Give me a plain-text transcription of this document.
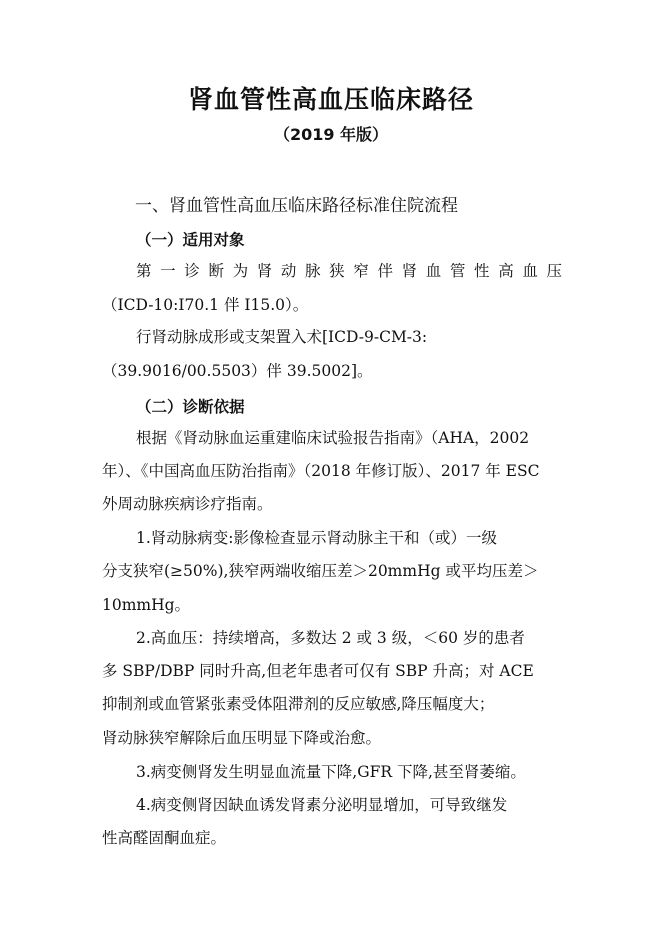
肾血管性高血压临床路径
（2019 年版）
一、肾血管性高血压临床路径标准住院流程
（一）适用对象
第 一 诊 断 为 肾 动 脉 狭 窄 伴 肾 血 管 性 高 血 压
（ICD-10:I70.1 伴 I15.0）。
行肾动脉成形或支架置入术[ICD-9-CM-3:
（39.9016/00.5503）伴 39.5002]。
（二）诊断依据
根据《肾动脉血运重建临床试验报告指南》（AHA，2002
年）、《中国高血压防治指南》（2018 年修订版）、2017 年 ESC
外周动脉疾病诊疗指南。
1.肾动脉病变:影像检查显示肾动脉主干和（或）一级
分支狭窄(≥50%),狭窄两端收缩压差＞20mmHg 或平均压差＞
10mmHg。
2.高血压：持续增高，多数达 2 或 3 级，＜60 岁的患者
多 SBP/DBP 同时升高,但老年患者可仅有 SBP 升高；对 ACE
抑制剂或血管紧张素受体阻滞剂的反应敏感,降压幅度大；
肾动脉狭窄解除后血压明显下降或治愈。
3.病变侧肾发生明显血流量下降,GFR 下降,甚至肾萎缩。
4.病变侧肾因缺血诱发肾素分泌明显增加，可导致继发
性高醛固酮血症。
